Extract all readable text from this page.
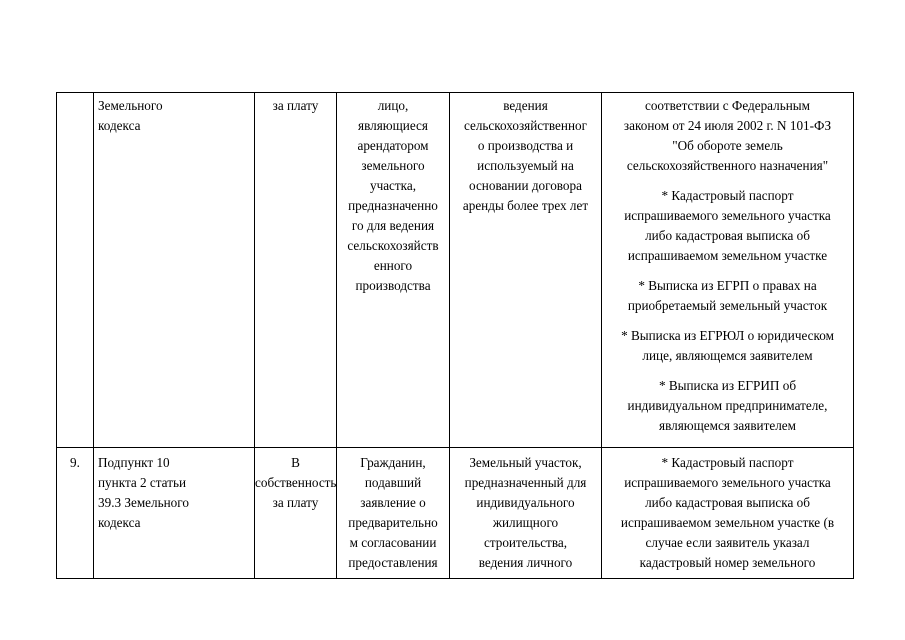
Земельного
кодекса
за плату	лицо,
являющиеся
арендатором
земельного
участка,
предназначенно
го для ведения
сельскохозяйств
енного
производства
ведения
сельскохозяйственног
о производства и
используемый на
основании договора
аренды более трех лет
соответствии с Федеральным
законом от 24 июля 2002 г. N 101-ФЗ
"Об обороте земель
сельскохозяйственного назначения"
* Кадастровый паспорт
испрашиваемого земельного участка
либо кадастровая выписка об
испрашиваемом земельном участке
* Выписка из ЕГРП о правах на
приобретаемый земельный участок
* Выписка из ЕГРЮЛ о юридическом
лице, являющемся заявителем
* Выписка из ЕГРИП об
индивидуальном предпринимателе,
являющемся заявителем
9.	Подпункт 10
пункта 2 статьи
39.3 Земельного
кодекса
В
собственность
за плату
Гражданин,
подавший
заявление о
предварительно
м согласовании
предоставления
Земельный участок,
предназначенный для
индивидуального
жилищного
строительства,
ведения личного
* Кадастровый паспорт
испрашиваемого земельного участка
либо кадастровая выписка об
испрашиваемом земельном участке (в
случае если заявитель указал
кадастровый номер земельного
